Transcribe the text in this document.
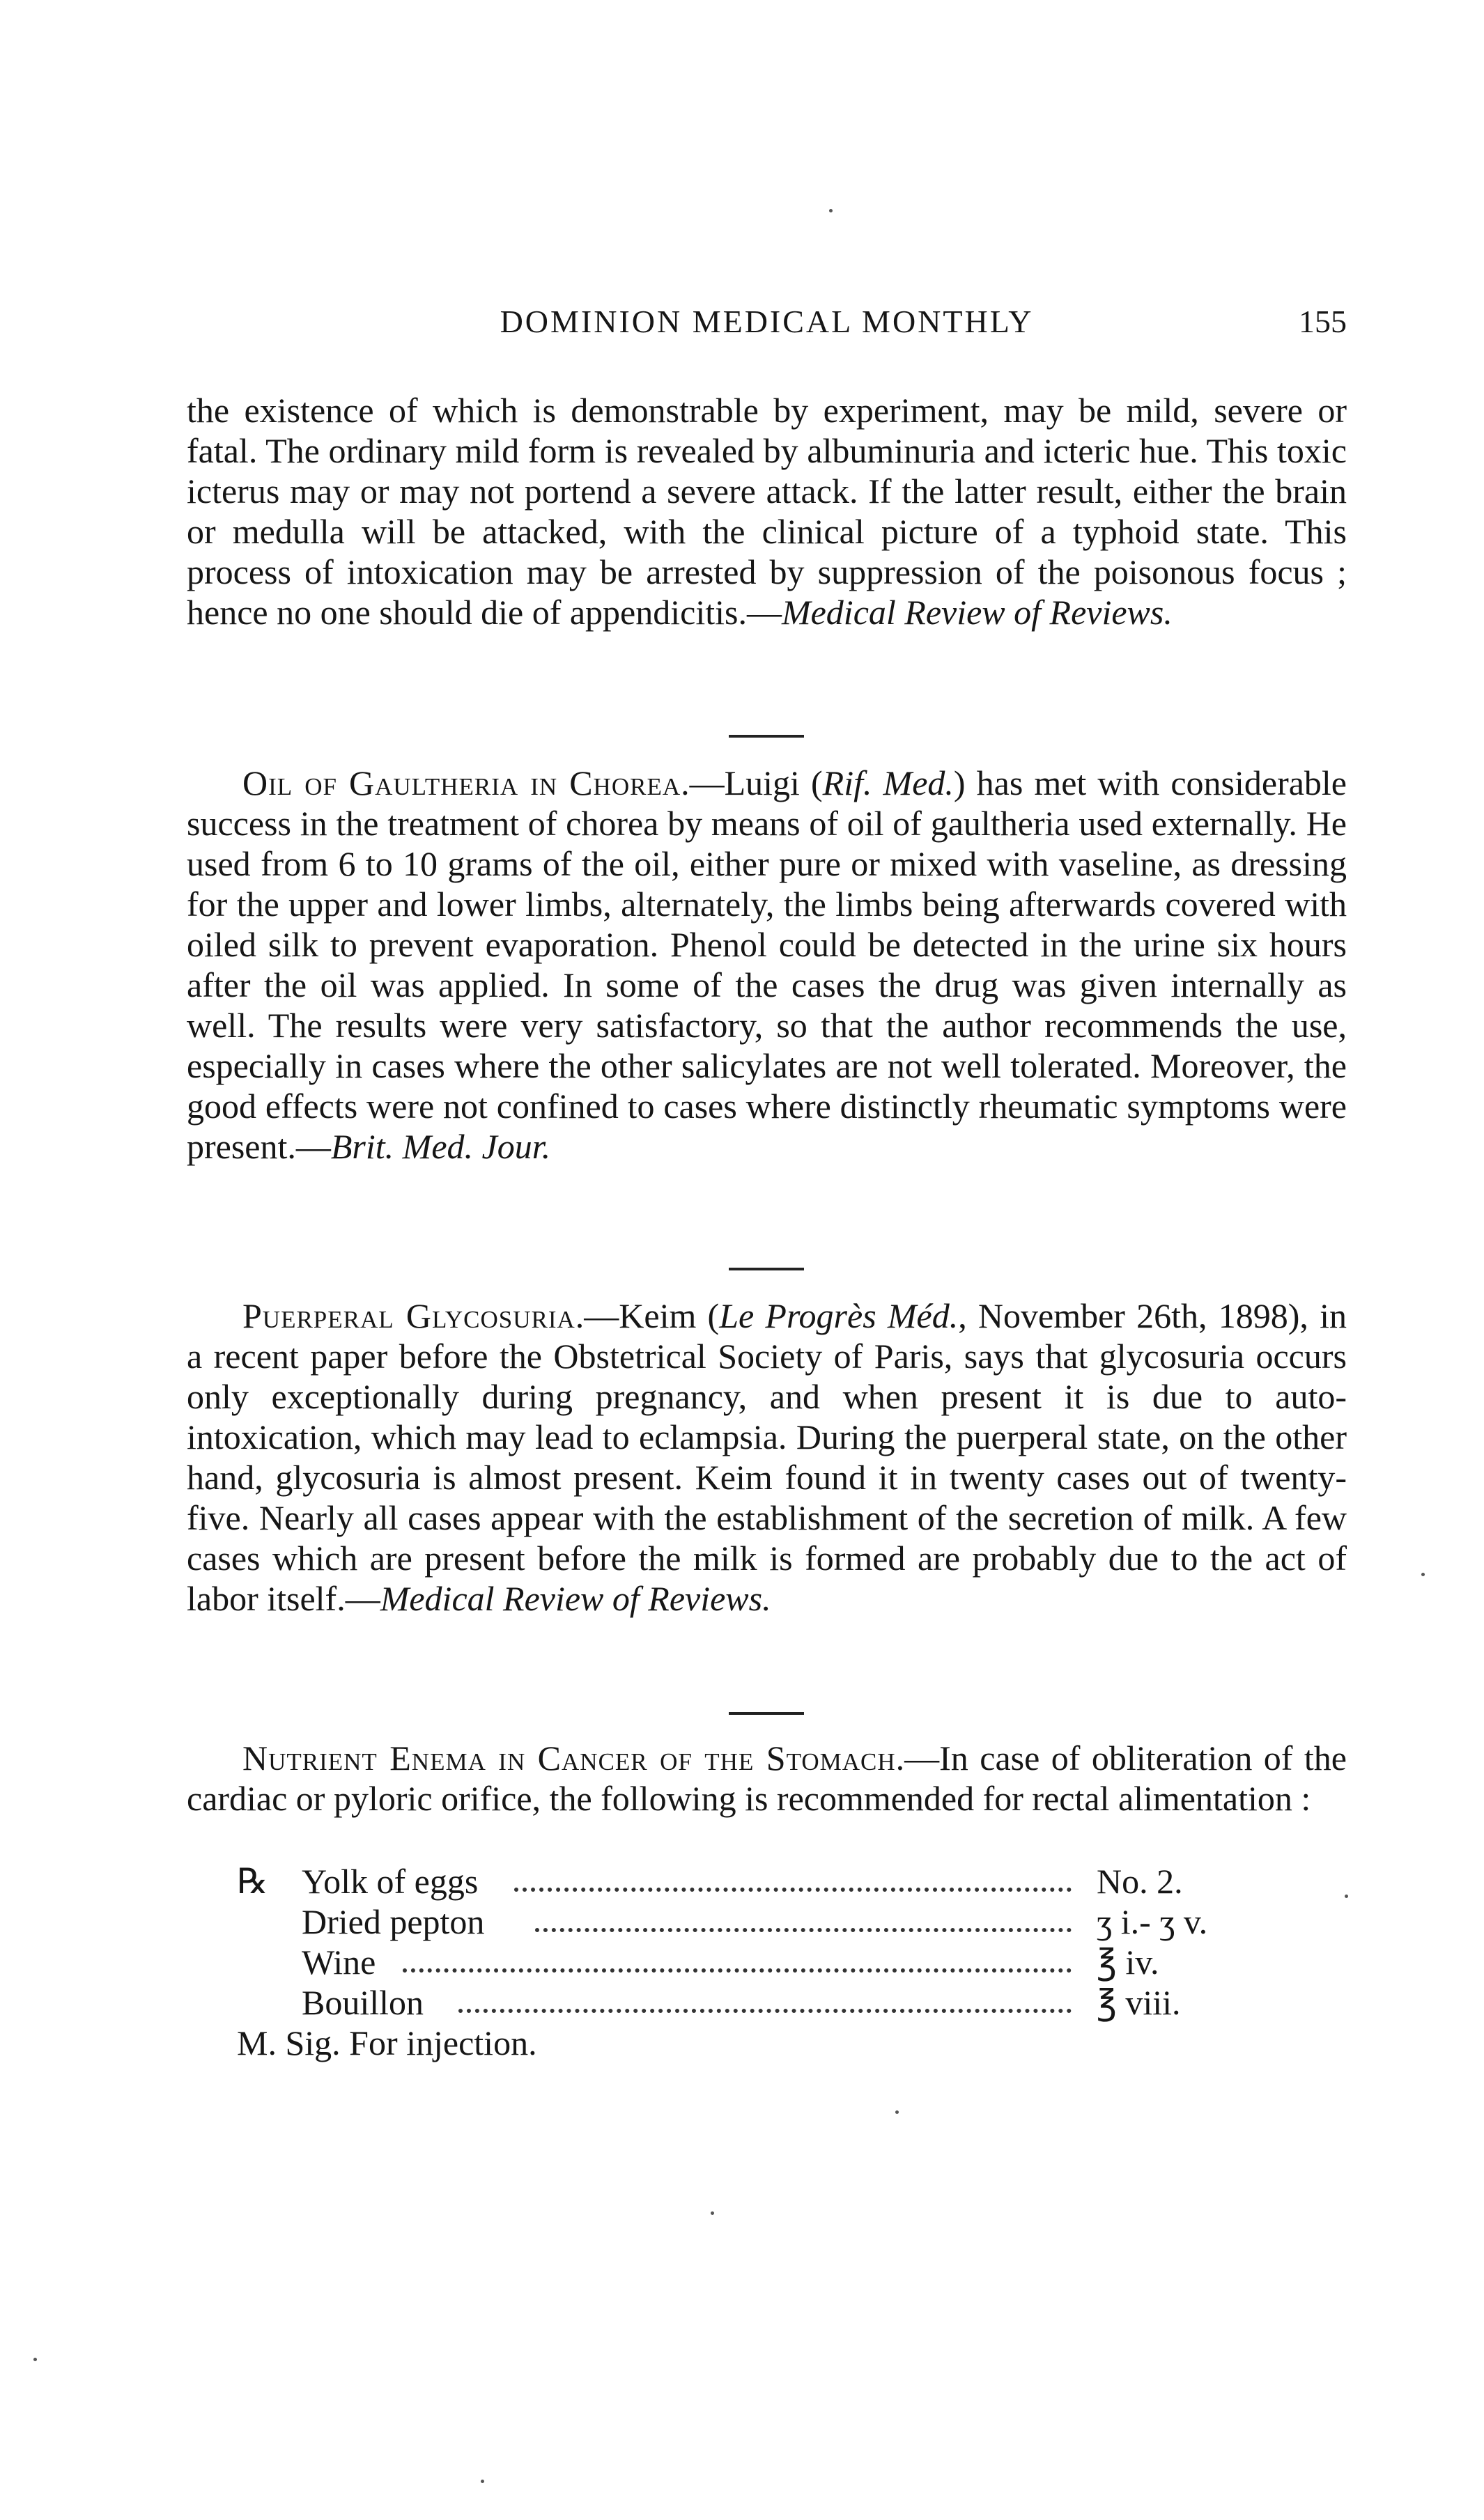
DOMINION MEDICAL MONTHLY	155

the existence of which is demonstrable by experiment, may be mild, severe or fatal. The ordinary mild form is revealed by albuminuria and icteric hue. This toxic icterus may or may not portend a severe attack. If the latter result, either the brain or medulla will be attacked, with the clinical picture of a typhoid state. This process of intoxication may be arrested by suppression of the poisonous focus ; hence no one should die of appendicitis.—Medical Review of Reviews.

Oil of Gaultheria in Chorea.—Luigi (Rif. Med.) has met with considerable success in the treatment of chorea by means of oil of gaultheria used externally. He used from 6 to 10 grams of the oil, either pure or mixed with vaseline, as dressing for the upper and lower limbs, alternately, the limbs being afterwards covered with oiled silk to prevent evaporation. Phenol could be detected in the urine six hours after the oil was applied. In some of the cases the drug was given internally as well. The results were very satisfactory, so that the author recommends the use, especially in cases where the other salicylates are not well tolerated. Moreover, the good effects were not confined to cases where distinctly rheumatic symptoms were present.—Brit. Med. Jour.

Puerperal Glycosuria.—Keim (Le Progrès Méd., November 26th, 1898), in a recent paper before the Obstetrical Society of Paris, says that glycosuria occurs only exceptionally during pregnancy, and when present it is due to auto-intoxication, which may lead to eclampsia. During the puerperal state, on the other hand, glycosuria is almost present. Keim found it in twenty cases out of twenty-five. Nearly all cases appear with the establishment of the secretion of milk. A few cases which are present before the milk is formed are probably due to the act of labor itself.—Medical Review of Reviews.

Nutrient Enema in Cancer of the Stomach.—In case of obliteration of the cardiac or pyloric orifice, the following is recommended for rectal alimentation :

℞ Yolk of eggs	No. 2.
Dried pepton	ʒ i.- ʒ v.
Wine	℥ iv.
Bouillon	℥ viii.
M. Sig. For injection.
